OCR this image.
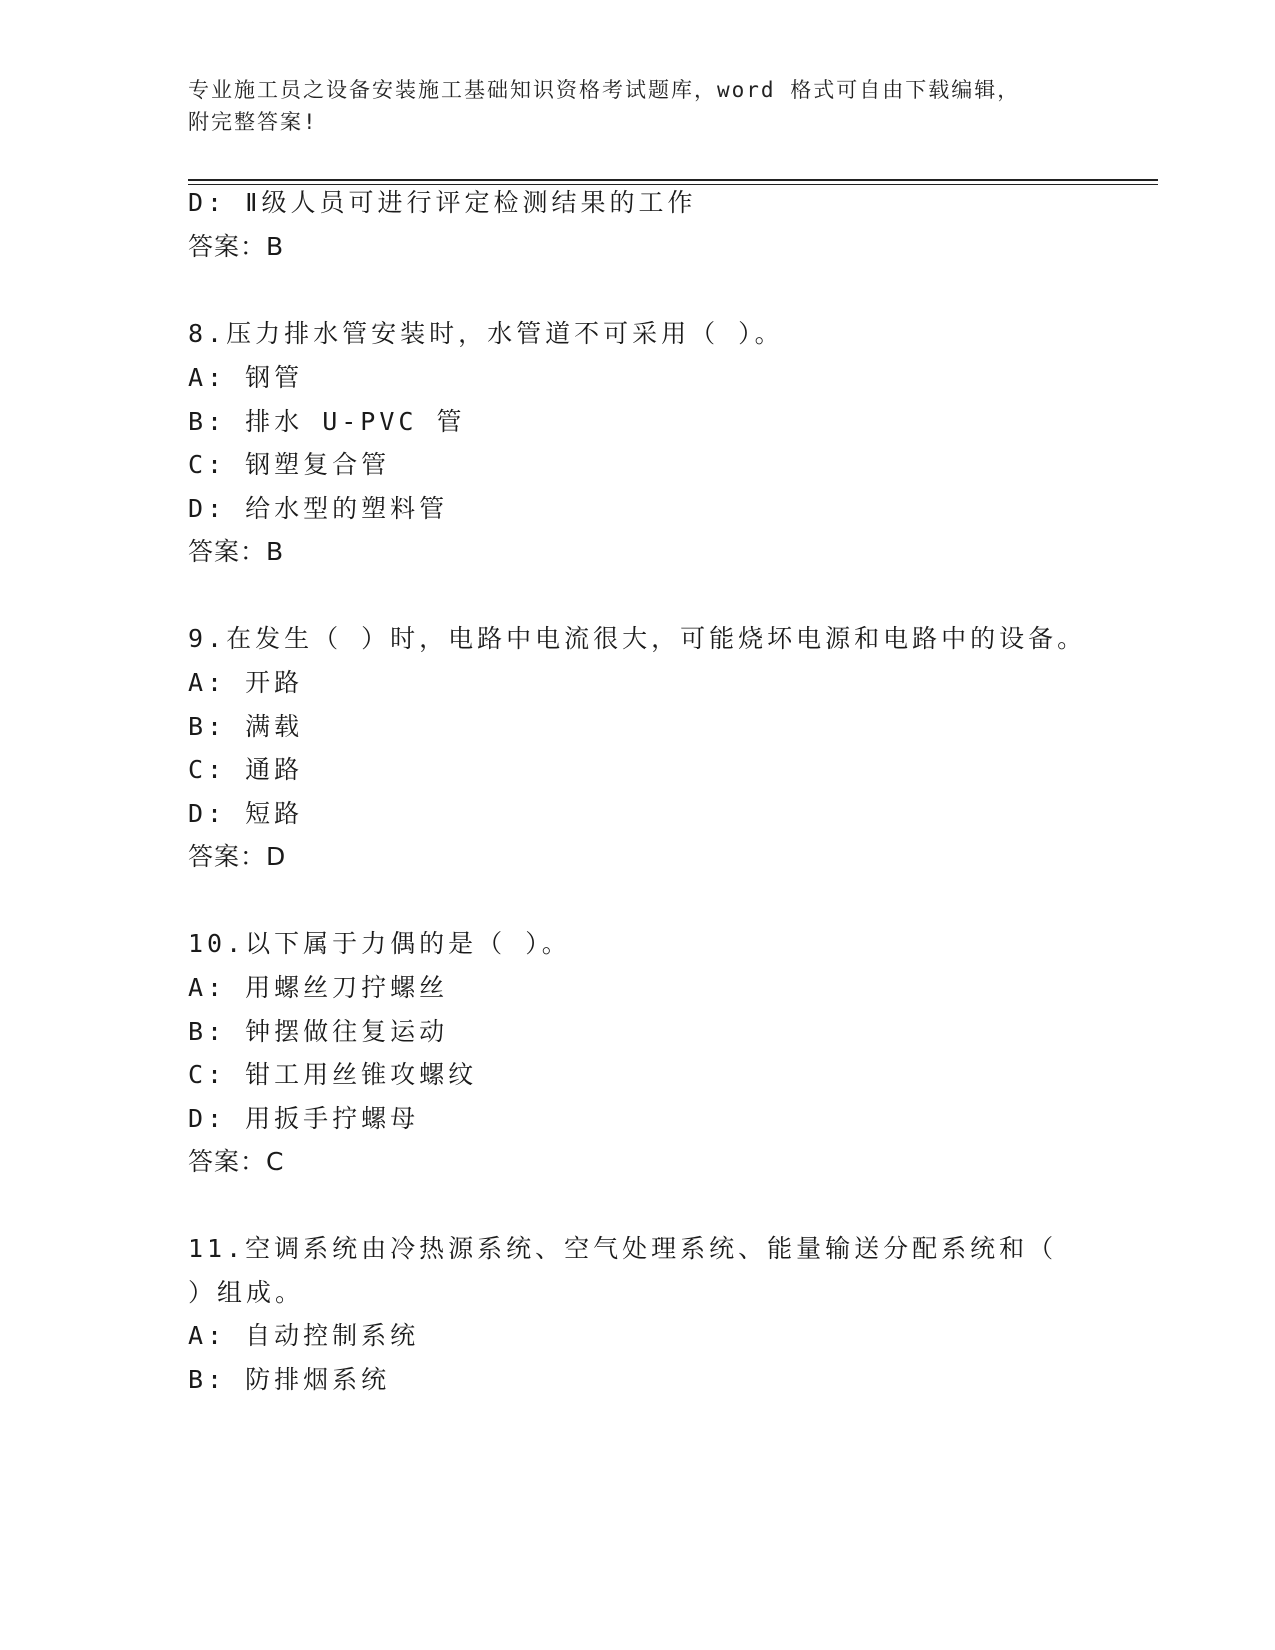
专业施工员之设备安装施工基础知识资格考试题库，word 格式可自由下载编辑，
附完整答案!
D: Ⅱ级人员可进行评定检测结果的工作
答案：B
8.压力排水管安装时，水管道不可采用（ ）。
A: 钢管
B: 排水 U-PVC 管
C: 钢塑复合管
D: 给水型的塑料管
答案：B
9.在发生（ ）时，电路中电流很大，可能烧坏电源和电路中的设备。
A: 开路
B: 满载
C: 通路
D: 短路
答案：D
10.以下属于力偶的是（ ）。
A: 用螺丝刀拧螺丝
B: 钟摆做往复运动
C: 钳工用丝锥攻螺纹
D: 用扳手拧螺母
答案：C
11.空调系统由冷热源系统、空气处理系统、能量输送分配系统和（
）组成。
A: 自动控制系统
B: 防排烟系统
